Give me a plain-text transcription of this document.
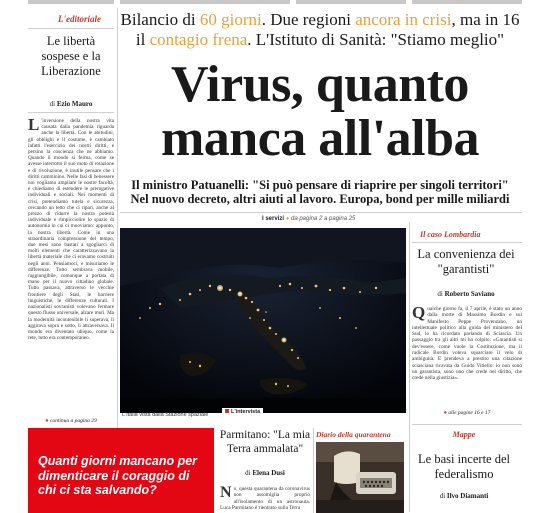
L'editoriale
Le libertà sospese e la Liberazione
di Ezio Mauro
L 'inversione della nostra vita causata dalla pandemia riguarda anche la libertà. Con le abitudini, gli obblighi e il costume, è cambiato infatti l'esercizio dei nostri diritti, e persino la coscienza che ne abbiamo. Quando il mondo si ferma, come se avesse interrotto il suo moto di rotazione e di rivoluzione, è inutile pensare che i diritti camminino. Nelle fasi di benessere noi vogliamo ampliare le nostre facoltà, e chiediamo di estendere le prerogative individuali e sociali. Nei momenti di crisi, pretendiamo tutela e sicurezza, cercando un tetto che ci ripari, anche al prezzo di ridurre la nostra potestà individuale e rimpicciolire lo spazio di autonomia in cui ci muoviamo: appunto, la nostra libertà. Come in una straordinaria compressione del tempo, due mesi sono bastati a sgogliarci di molti elementi che caratterizzavano la libertà materiale che ci eravamo costruiti negli anni. Pensiamoci, e misuriamo le differenze. Tutto sembrava mobile, raggiungibile, comunque a portata di mano per il nuovo cittadino globale. Tutto passava, attraverso le vecchie frontiere degli Stati, le barriere linguistiche, le differenze culturali. I nazionalisti sovranisti volevano fermare questo flusso universale, alzare muri. Ma la modernità incontenibile li superava, li aggirava sopra e sotto, li attraversava. Il mondo era diventato ubiquo, come la rete, tutto era contemporaneo.
● continua a pagina 29
Bilancio di 60 giorni. Due regioni ancora in crisi, ma in 16 il contagio frena. L'Istituto di Sanità: "Stiamo meglio"
Virus, quanto
manca all'alba
Il ministro Patuanelli: "Si può pensare di riaprire per singoli territori"
Nel nuovo decreto, altri aiuti al lavoro. Europa, bond per mille miliardi
I servizi ● da pagina 2 a pagina 25
L'Italia vista dalla Stazione spaziale
Il caso Lombardia
La convenienza dei "garantisti"
di Roberto Saviano
Qualche giorno fa, il 7 aprile, è stato un anno dalla morte di Massimo Bordin e sul Manifesto Peppe Provenzano, un intellettuale politico alla guida del ministero del Sud, lo ha ricordato parlando di Sciascia. Un passaggio tra gli altri mi ha colpito: «Garantisti si dev'essere, come vuole la Costituzione, ma il radicale Bordin voleva squarciare il velo di ambiguità. E prendeva a prestito una citazione sciasciana ricavata da Guido Vitiello: io non sono un garantista, sono uno che crede nel diritto, che crede nella giustizia».
● alle pagine 16 e 17
Mappe
Le basi incerte del federalismo
di Ilvo Diamanti
Quanti giorni mancano per dimenticare il coraggio di chi ci sta salvando?
L'intervista
Parmitano: "La mia Terra ammalata"
di Elena Dusi
No, questa quarantena da coronavirus non assomiglia proprio all'isolamento di un astronauta. Luca Parmitano è rientrato sulla Terra
Diario della quarantena
